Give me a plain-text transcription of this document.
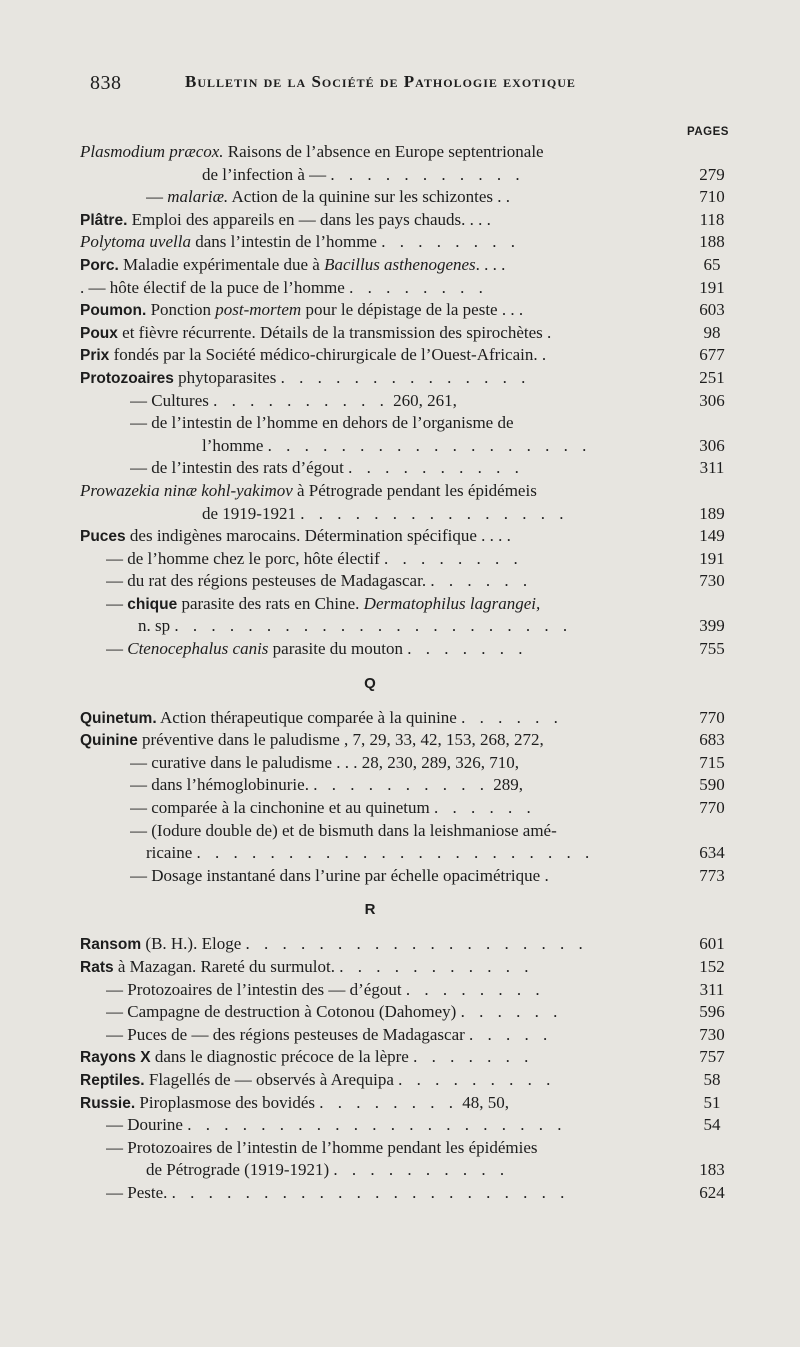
838	Bulletin de la Société de Pathologie exotique
PAGES
Plasmodium præcox. Raisons de l’absence en Europe septentrionale
de l’infection à — . . . . . . . . . . .	279
— malariæ. Action de la quinine sur les schizontes . .	710
Plâtre. Emploi des appareils en — dans les pays chauds. . . .	118
Polytoma uvella dans l’intestin de l’homme . . . . . . . .	188
Porc. Maladie expérimentale due à Bacillus asthenogenes. . . .	65
. — hôte électif de la puce de l’homme . . . . . . . .	191
Poumon. Ponction post-mortem pour le dépistage de la peste . . .	603
Poux et fièvre récurrente. Détails de la transmission des spirochètes .	98
Prix fondés par la Société médico-chirurgicale de l’Ouest-Africain. .	677
Protozoaires phytoparasites . . . . . . . . . . . . . .	251
— Cultures . . . . . . . . . . 260, 261,	306
— de l’intestin de l’homme en dehors de l’organisme de
l’homme . . . . . . . . . . . . . . . . . .	306
— de l’intestin des rats d’égout . . . . . . . . . .	311
Prowazekia ninæ kohl-yakimov à Pétrograde pendant les épidémeis
de 1919-1921 . . . . . . . . . . . . . . .	189
Puces des indigènes marocains. Détermination spécifique . . . .	149
— de l’homme chez le porc, hôte électif . . . . . . . .	191
— du rat des régions pesteuses de Madagascar. . . . . . .	730
— chique parasite des rats en Chine. Dermatophilus lagrangei,
n. sp . . . . . . . . . . . . . . . . . . . . . .	399
— Ctenocephalus canis parasite du mouton . . . . . . .	755
Q
Quinetum. Action thérapeutique comparée à la quinine . . . . . .	770
Quinine préventive dans le paludisme , 7, 29, 33, 42, 153, 268, 272,	683
— curative dans le paludisme . . . 28, 230, 289, 326, 710,	715
— dans l’hémoglobinurie. . . . . . . . . . . 289,	590
— comparée à la cinchonine et au quinetum . . . . . .	770
— (Iodure double de) et de bismuth dans la leishmaniose amé-
ricaine . . . . . . . . . . . . . . . . . . . . . .	634
— Dosage instantané dans l’urine par échelle opacimétrique .	773
R
Ransom (B. H.). Eloge . . . . . . . . . . . . . . . . . . .	601
Rats à Mazagan. Rareté du surmulot. . . . . . . . . . . .	152
— Protozoaires de l’intestin des — d’égout . . . . . . . .	311
— Campagne de destruction à Cotonou (Dahomey) . . . . . .	596
— Puces de — des régions pesteuses de Madagascar . . . . .	730
Rayons X dans le diagnostic précoce de la lèpre . . . . . . .	757
Reptiles. Flagellés de — observés à Arequipa . . . . . . . . .	58
Russie. Piroplasmose des bovidés . . . . . . . . 48, 50,	51
— Dourine . . . . . . . . . . . . . . . . . . . . .	54
— Protozoaires de l’intestin de l’homme pendant les épidémies
de Pétrograde (1919-1921) . . . . . . . . . .	183
— Peste. . . . . . . . . . . . . . . . . . . . . . .	624
